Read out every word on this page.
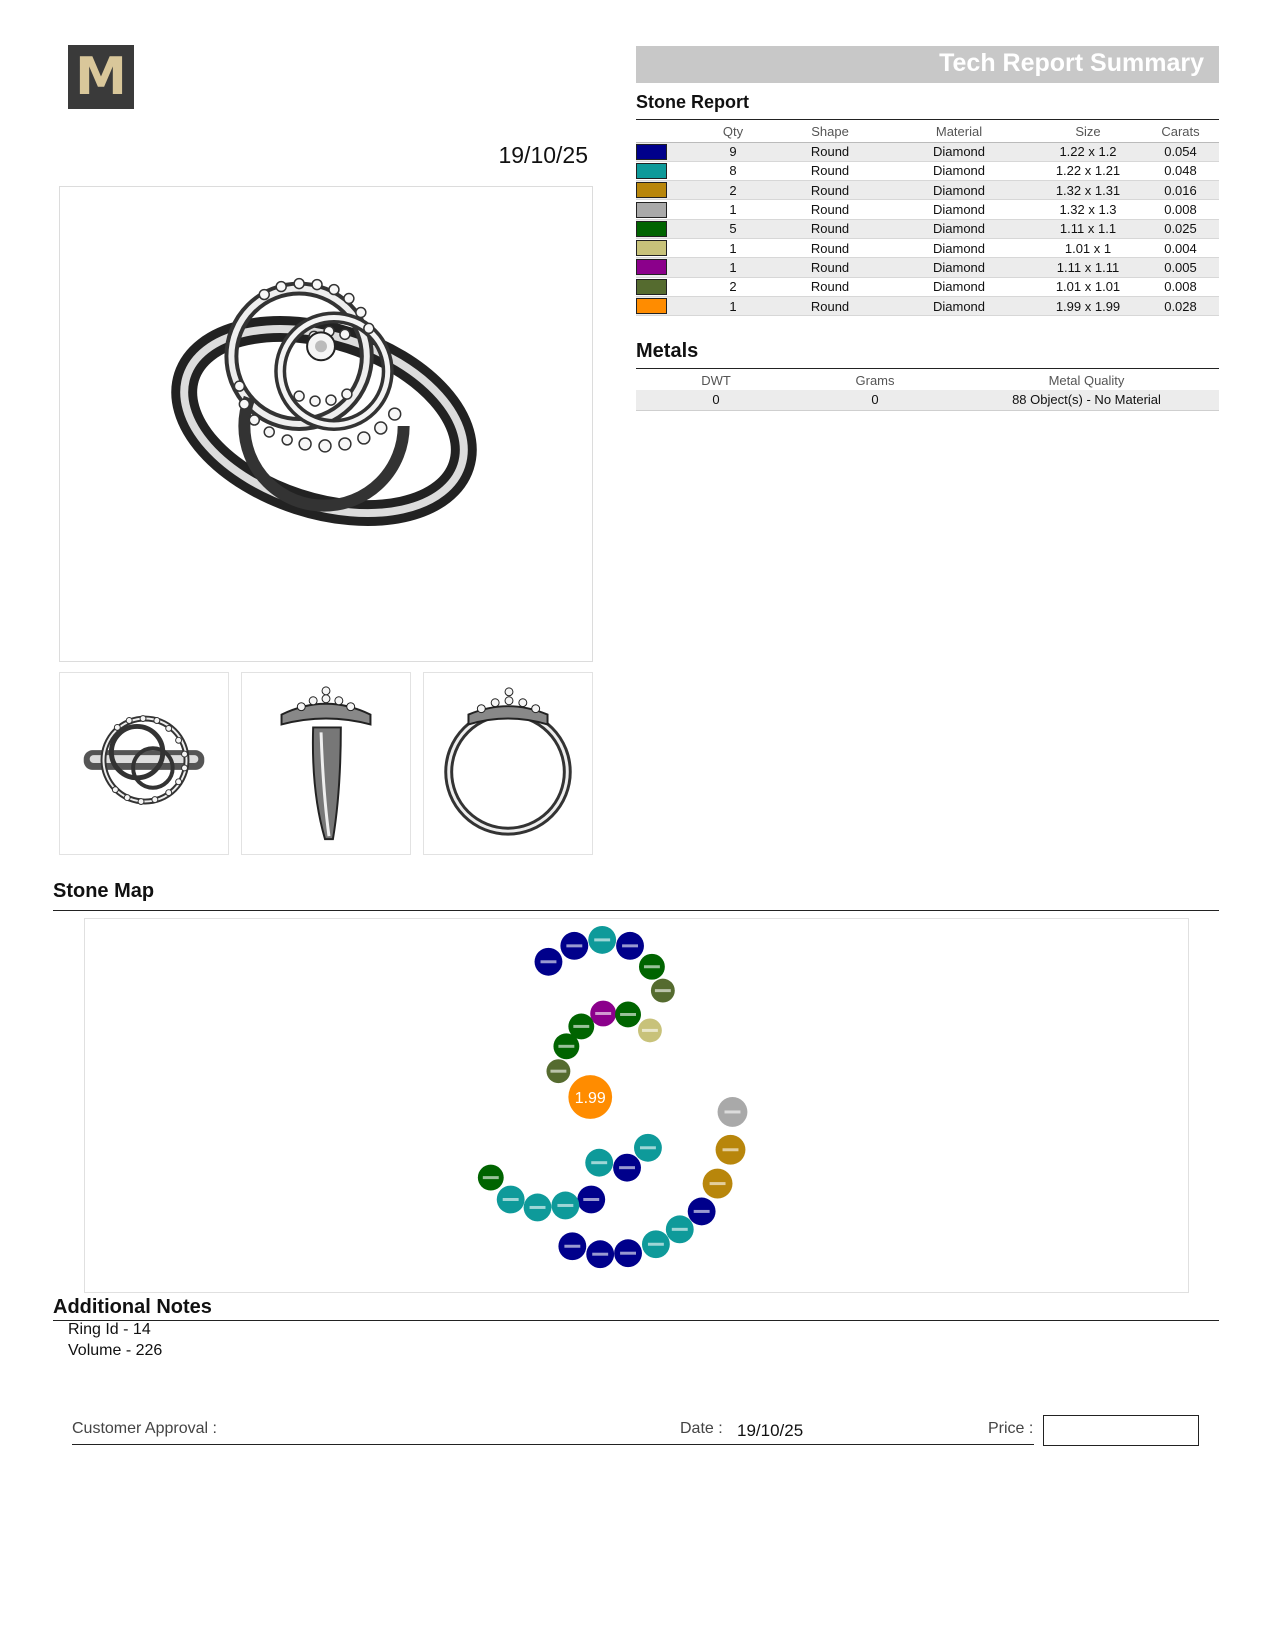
M
19/10/25
Tech Report Summary
Stone Report
	Qty	Shape	Material	Size	Carats

	9	Round	Diamond	1.22 x 1.2	0.054

	8	Round	Diamond	1.22 x 1.21	0.048

	2	Round	Diamond	1.32 x 1.31	0.016

	1	Round	Diamond	1.32 x 1.3	0.008

	5	Round	Diamond	1.11 x 1.1	0.025

	1	Round	Diamond	1.01 x 1	0.004

	1	Round	Diamond	1.11 x 1.11	0.005

	2	Round	Diamond	1.01 x 1.01	0.008

	1	Round	Diamond	1.99 x 1.99	0.028
Metals
DWT	Grams	Metal Quality
0	0	88 Object(s) - No Material
Stone Map
1.99
Additional Notes
Ring Id - 14
Volume - 226
Customer Approval :	Date : 19/10/25	Price :
